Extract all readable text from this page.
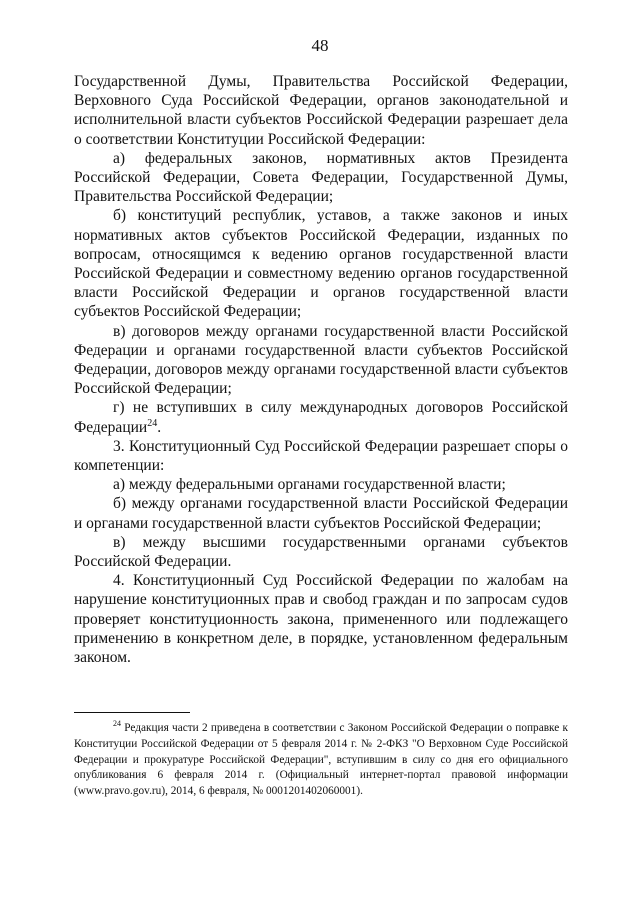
48

Государственной Думы, Правительства Российской Федерации, Верховного Суда Российской Федерации, органов законодательной и исполнительной власти субъектов Российской Федерации разрешает дела о соответствии Конституции Российской Федерации:

а) федеральных законов, нормативных актов Президента Российской Федерации, Совета Федерации, Государственной Думы, Правительства Российской Федерации;

б) конституций республик, уставов, а также законов и иных нормативных актов субъектов Российской Федерации, изданных по вопросам, относящимся к ведению органов государственной власти Российской Федерации и совместному ведению органов государственной власти Российской Федерации и органов государственной власти субъектов Российской Федерации;

в) договоров между органами государственной власти Российской Федерации и органами государственной власти субъектов Российской Федерации, договоров между органами государственной власти субъектов Российской Федерации;

г) не вступивших в силу международных договоров Российской Федерации$^{24}$.

3. Конституционный Суд Российской Федерации разрешает споры о компетенции:

а) между федеральными органами государственной власти;

б) между органами государственной власти Российской Федерации и органами государственной власти субъектов Российской Федерации;

в) между высшими государственными органами субъектов Российской Федерации.

4. Конституционный Суд Российской Федерации по жалобам на нарушение конституционных прав и свобод граждан и по запросам судов проверяет конституционность закона, примененного или подлежащего применению в конкретном деле, в порядке, установленном федеральным законом.

$^{24}$ Редакция части 2 приведена в соответствии с Законом Российской Федерации о поправке к Конституции Российской Федерации от 5 февраля 2014 г. № 2-ФКЗ "О Верховном Суде Российской Федерации и прокуратуре Российской Федерации", вступившим в силу со дня его официального опубликования 6 февраля 2014 г. (Официальный интернет-портал правовой информации (www.pravo.gov.ru), 2014, 6 февраля, № 0001201402060001).
